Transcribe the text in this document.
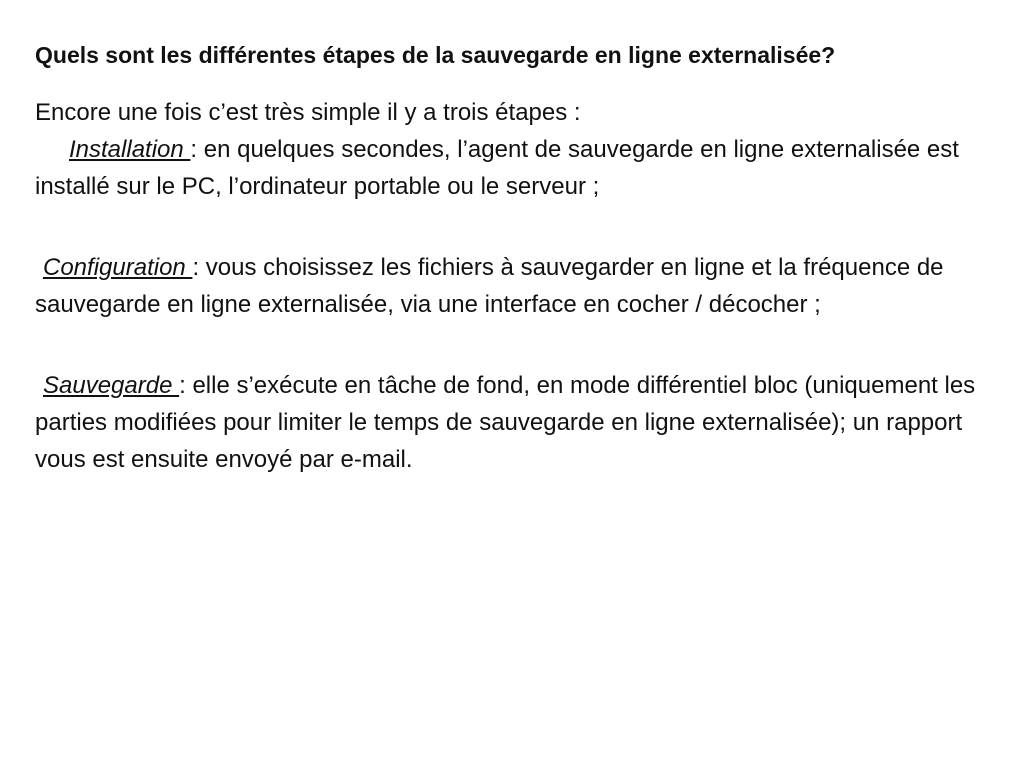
Quels sont les différentes étapes de la sauvegarde en ligne externalisée?

Encore une fois c’est très simple il y a trois étapes :

Installation : en quelques secondes, l’agent de sauvegarde en ligne externalisée est installé sur le PC, l’ordinateur portable ou le serveur ;

Configuration : vous choisissez les fichiers à sauvegarder en ligne et la fréquence de sauvegarde en ligne externalisée, via une interface en cocher / décocher ;

Sauvegarde : elle s’exécute en tâche de fond, en mode différentiel bloc (uniquement les parties modifiées pour limiter le temps de sauvegarde en ligne externalisée); un rapport vous est ensuite envoyé par e-mail.
